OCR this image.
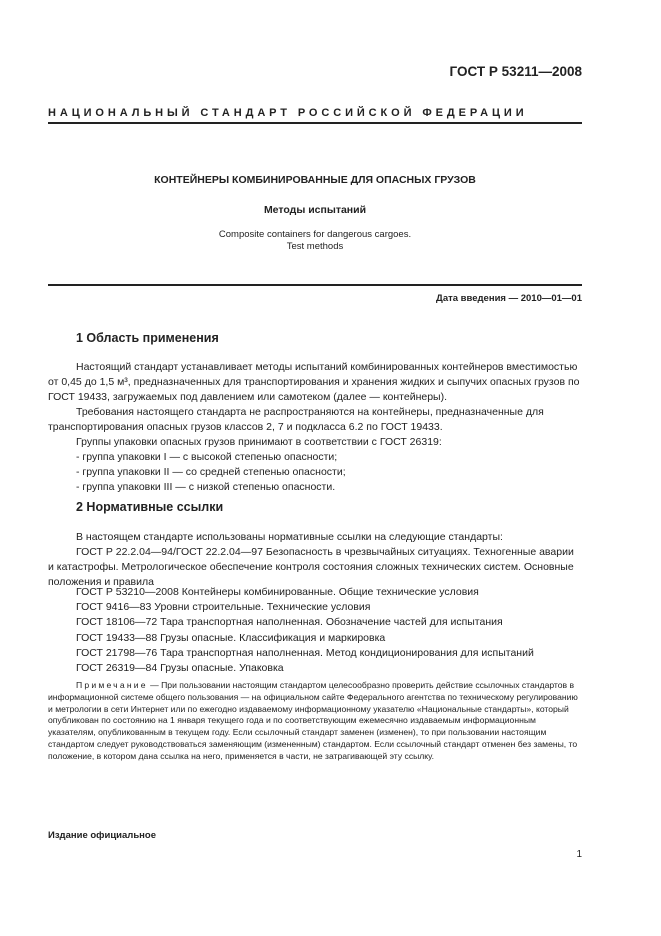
ГОСТ Р 53211—2008
НАЦИОНАЛЬНЫЙ СТАНДАРТ РОССИЙСКОЙ ФЕДЕРАЦИИ
КОНТЕЙНЕРЫ КОМБИНИРОВАННЫЕ ДЛЯ ОПАСНЫХ ГРУЗОВ
Методы испытаний
Composite containers for dangerous cargoes.
Test methods
Дата введения — 2010—01—01
1 Область применения
Настоящий стандарт устанавливает методы испытаний комбинированных контейнеров вместимостью от 0,45 до 1,5 м³, предназначенных для транспортирования и хранения жидких и сыпучих опасных грузов по ГОСТ 19433, загружаемых под давлением или самотеком (далее — контейнеры).
Требования настоящего стандарта не распространяются на контейнеры, предназначенные для транспортирования опасных грузов классов 2, 7 и подкласса 6.2 по ГОСТ 19433.
Группы упаковки опасных грузов принимают в соответствии с ГОСТ 26319:
- группа упаковки I — с высокой степенью опасности;
- группа упаковки II — со средней степенью опасности;
- группа упаковки III — с низкой степенью опасности.
2 Нормативные ссылки
В настоящем стандарте использованы нормативные ссылки на следующие стандарты:
ГОСТ Р 22.2.04—94/ГОСТ 22.2.04—97 Безопасность в чрезвычайных ситуациях. Техногенные аварии и катастрофы. Метрологическое обеспечение контроля состояния сложных технических систем. Основные положения и правила
ГОСТ Р 53210—2008 Контейнеры комбинированные. Общие технические условия
ГОСТ 9416—83 Уровни строительные. Технические условия
ГОСТ 18106—72 Тара транспортная наполненная. Обозначение частей для испытания
ГОСТ 19433—88 Грузы опасные. Классификация и маркировка
ГОСТ 21798—76 Тара транспортная наполненная. Метод кондиционирования для испытаний
ГОСТ 26319—84 Грузы опасные. Упаковка
Примечание — При пользовании настоящим стандартом целесообразно проверить действие ссылочных стандартов в информационной системе общего пользования — на официальном сайте Федерального агентства по техническому регулированию и метрологии в сети Интернет или по ежегодно издаваемому информационному указателю «Национальные стандарты», который опубликован по состоянию на 1 января текущего года и по соответствующим ежемесячно издаваемым информационным указателям, опубликованным в текущем году. Если ссылочный стандарт заменен (изменен), то при пользовании настоящим стандартом следует руководствоваться заменяющим (измененным) стандартом. Если ссылочный стандарт отменен без замены, то положение, в котором дана ссылка на него, применяется в части, не затрагивающей эту ссылку.
Издание официальное
1
